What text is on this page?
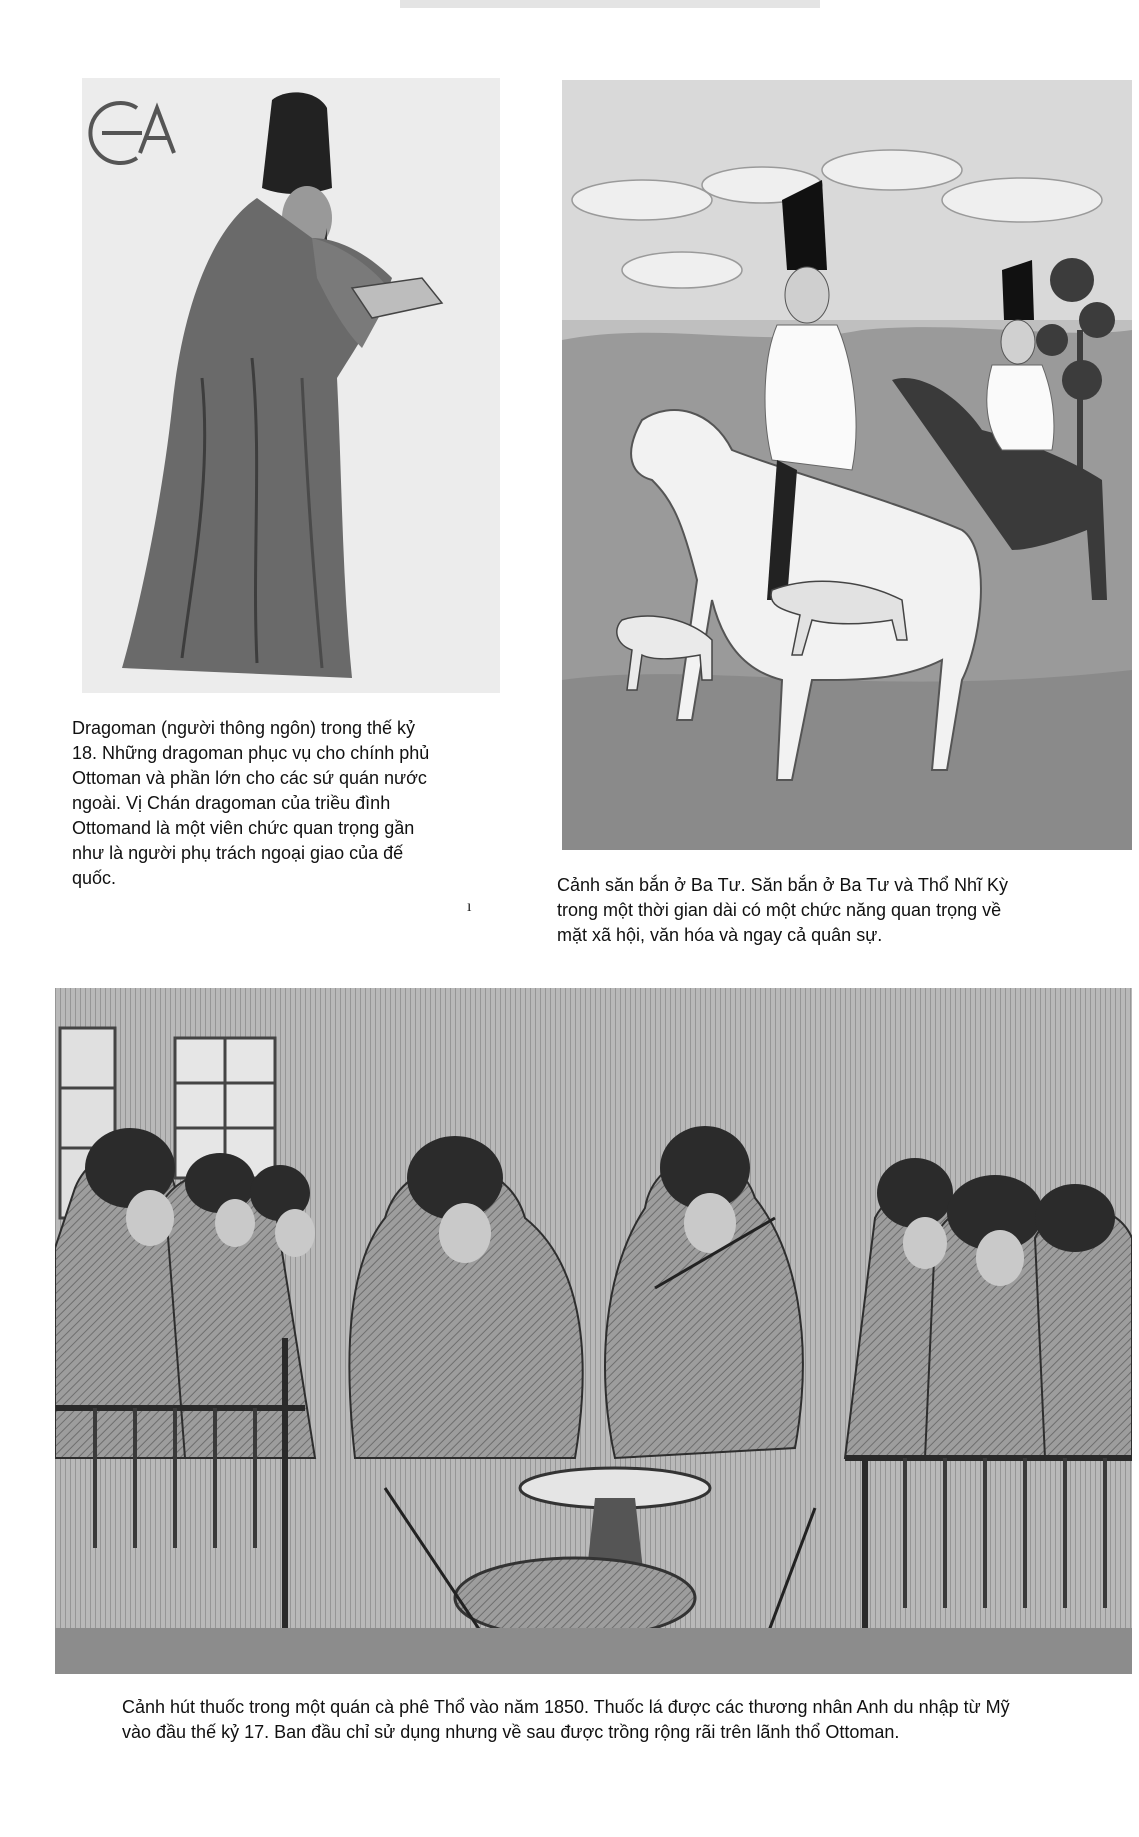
Dragoman (người thông ngôn) trong thế kỷ
18. Những dragoman phục vụ cho chính phủ
Ottoman và phần lớn cho các sứ quán nước
ngoài. Vị Chán dragoman của triều đình
Ottomand là một viên chức quan trọng gần
như là người phụ trách ngoại giao của đế
quốc.	Cảnh săn bắn ở Ba Tư. Săn bắn ở Ba Tư và Thổ Nhĩ Kỳ
trong một thời gian dài có một chức năng quan trọng về
mặt xã hội, văn hóa và ngay cả quân sự.

ı

Cảnh hút thuốc trong một quán cà phê Thổ vào năm 1850. Thuốc lá được các thương nhân Anh du nhập từ Mỹ
vào đầu thế kỷ 17. Ban đầu chỉ sử dụng nhưng về sau được trồng rộng rãi trên lãnh thổ Ottoman.
